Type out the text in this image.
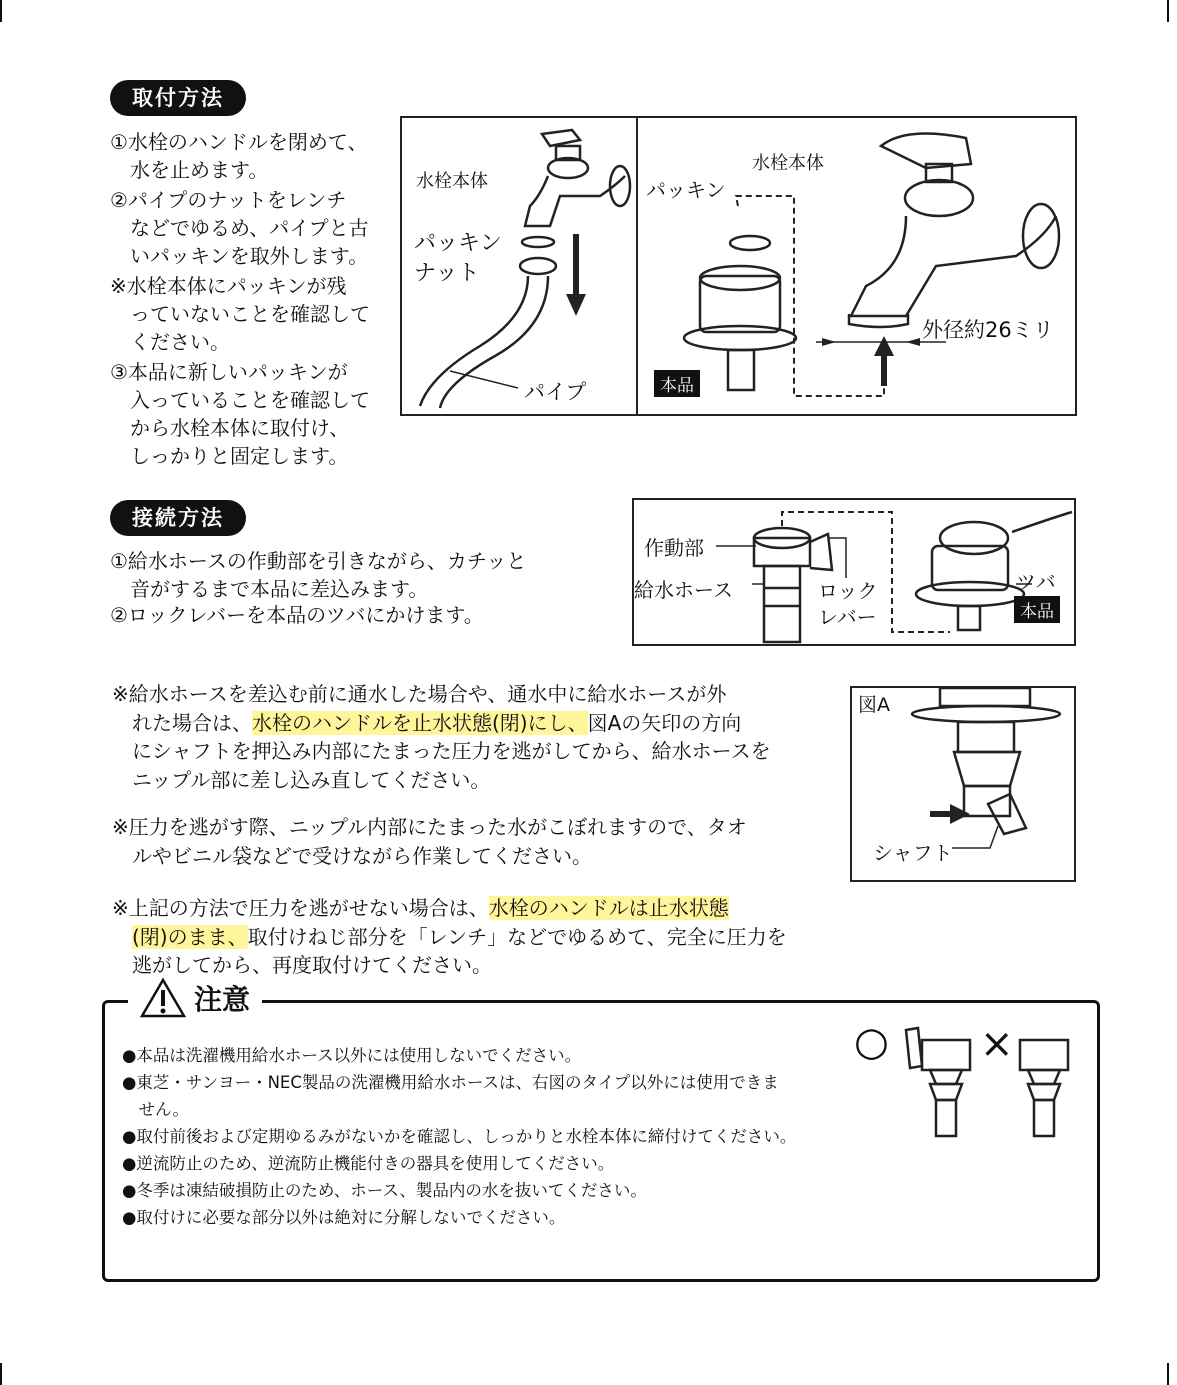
取付方法
①水栓のハンドルを閉めて、
　水を止めます。
②パイプのナットをレンチ
　などでゆるめ、パイプと古
　いパッキンを取外します。
※水栓本体にパッキンが残
　っていないことを確認して
　ください。
③本品に新しいパッキンが
　入っていることを確認して
　から水栓本体に取付け、
　しっかりと固定します。
水栓本体
パッキン
ナット
パイプ
水栓本体
パッキン
本品
外径約26ミリ
接続方法
①給水ホースの作動部を引きながら、カチッと
　音がするまで本品に差込みます。
②ロックレバーを本品のツバにかけます。
作動部
給水ホース	ロック
レバー
ツバ
本品
※給水ホースを差込む前に通水した場合や、通水中に給水ホースが外
　れた場合は、水栓のハンドルを止水状態(閉)にし、図Aの矢印の方向
　にシャフトを押込み内部にたまった圧力を逃がしてから、給水ホースを
　ニップル部に差し込み直してください。
※圧力を逃がす際、ニップル内部にたまった水がこぼれますので、タオ
　ルやビニル袋などで受けながら作業してください。
※上記の方法で圧力を逃がせない場合は、水栓のハンドルは止水状態
　(閉)のまま、取付けねじ部分を「レンチ」などでゆるめて、完全に圧力を
　逃がしてから、再度取付けてください。
図A
シャフト
注意
●本品は洗濯機用給水ホース以外には使用しないでください。
●東芝・サンヨー・NEC製品の洗濯機用給水ホースは、右図のタイプ以外には使用できま
　せん。
●取付前後および定期ゆるみがないかを確認し、しっかりと水栓本体に締付けてください。
●逆流防止のため、逆流防止機能付きの器具を使用してください。
●冬季は凍結破損防止のため、ホース、製品内の水を抜いてください。
●取付けに必要な部分以外は絶対に分解しないでください。
○ ×
